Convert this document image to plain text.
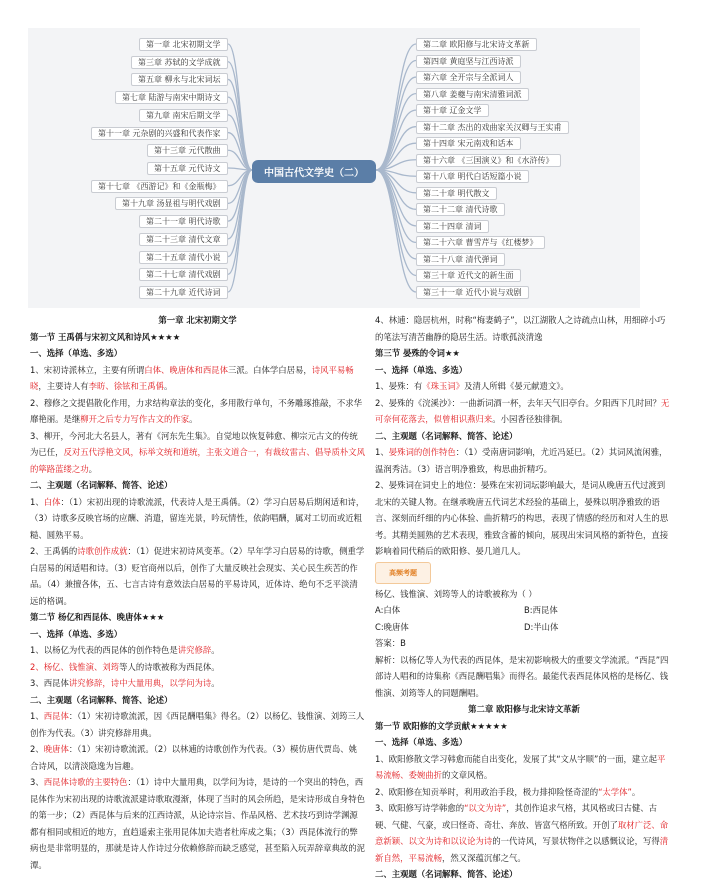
中国古代文学史（二）
第一章 北宋初期文学
第三章 苏轼的文学成就
第五章 柳永与北宋词坛
第七章 陆游与南宋中期诗文
第九章 南宋后期文学
第十一章 元杂剧的兴盛和代表作家
第十三章 元代散曲
第十五章 元代诗文
第十七章 《西游记》和《金瓶梅》
第十九章 汤显祖与明代戏剧
第二十一章 明代诗歌
第二十三章 清代文章
第二十五章 清代小说
第二十七章 清代戏剧
第二十九章 近代诗词
第二章 欧阳修与北宋诗文革新
第四章 黄庭坚与江西诗派
第六章 全开宗与全派词人
第八章 姜夔与南宋清雅词派
第十章 辽金文学
第十二章 杰出的戏曲家关汉卿与王实甫
第十四章 宋元南戏和话本
第十六章 《三国演义》和《水浒传》
第十八章 明代白话短篇小说
第二十章 明代散文
第二十二章 清代诗歌
第二十四章 清词
第二十六章 曹雪芹与《红楼梦》
第二十八章 清代弹词
第三十章 近代文的新生面
第三十一章 近代小说与戏剧

第一章 北宋初期文学

第一节 王禹偁与宋初文风和诗风★★★★

一、选择（单选、多选）

1、宋初诗派林立，主要有所谓白体、晚唐体和西昆体三派。白体学白居易，诗风平易畅晓，主要诗人有李昉、徐铉和王禹偁。

2、穆修之文提倡散化作用，力求结构章法的变化，多用散行单句，不务雕琢推敲，不求华靡艳丽。是继柳开之后专力写作古文的作家。

3、柳开，今河北大名县人，著有《河东先生集》。自觉地以恢复韩愈、柳宗元古文的传统为已任，反对五代浮艳文风，标举文统和道统，主张文道合一，有裁纹雷古、倡导质朴文风的筚路蓝缕之功。

二、主观题（名词解释、简答、论述）

1、白体：（1）宋初出现的诗歌流派，代表诗人是王禹偁。（2）学习白居易后期闲适和诗，（3）诗歌多反映官场的应酬、消遣，留连光景，吟玩情性，依韵唱酬，属对工切而或近粗糙、圆熟平易。

2、王禹偁的诗歌创作成就：（1）促进宋初诗风变革。（2）早年学习白居易的诗歌，侧重学白居易的闲适唱和诗。（3）贬官商州以后，创作了大量反映社会现实、关心民生疾苦的作品。（4）兼擅各体，五、七言古诗有意效法白居易的平易诗风，近体诗、绝句不乏平淡清远的格调。

第二节 杨亿和西昆体、晚唐体★★★

一、选择（单选、多选）

1、以杨亿为代表的西昆体的创作特色是讲究修辞。

2、杨亿、钱惟演、刘筠等人的诗歌被称为西昆体。

3、西昆体讲究修辞，诗中大量用典，以学问为诗。

二、主观题（名词解释、简答、论述）

1、西昆体：（1）宋初诗歌流派，因《西昆酬唱集》得名。（2）以杨亿、钱惟演、刘筠三人创作为代表。（3）讲究修辞用典。

2、晚唐体：（1）宋初诗歌流派。（2）以林逋的诗歌创作为代表。（3）模仿唐代贾岛、姚合诗风，以清淡隐逸为旨趣。

3、西昆体诗歌的主要特色：（1）诗中大量用典，以学问为诗，是诗的一个突出的特色，西昆体作为宋初出现的诗歌流派建诗歌取漫渐，体现了当时的风会所趋，是宋诗形成自身特色的第一步；（2）西昆体与后来的江西诗派，从论诗宗旨、作品风格、艺术技巧到诗学渊源都有相同或相近的地方，直趋遥索主张用昆体加夫造者杜库成之集；（3）西昆体流行的弊病也是非常明显的，那就是诗人作诗过分依赖修辞而缺乏感觉，甚至陷入玩弄辞章典故的泥潭。

4、林逋：隐居杭州，时称“梅妻鹤子”，以江湖散人之诗疏点山林，用细碎小巧的笔法写清苦幽静的隐居生活。诗歌孤淡清逸

第三节 晏殊的令词★★

一、选择（单选、多选）

1、晏殊：有《珠玉词》及清人所辑《晏元献遗文》。

2、晏殊的《浣溪沙》：一曲新词酒一杯，去年天气旧亭台。夕阳西下几时回？无可奈何花落去，似曾相识燕归来。小园香径独徘徊。

二、主观题（名词解释、简答、论述）

1、晏殊词的创作特色：（1）受南唐词影响，尤近冯延巳。（2）其词风流闲雅，温润秀洁。（3）语言明净雅致，构思曲折精巧。

2、晏殊词在词史上的地位：晏殊在宋初词坛影响最大，是词从晚唐五代过渡到北宋的关键人物。在继承晚唐五代词艺术经验的基础上，晏殊以明净雅致的语言、深刻而纤细的内心体验、曲折精巧的构思，表现了情感的经历和对人生的思考。其精美圆熟的艺术表现，雅致含蓄的倾向，展现出宋词风格的新特色，直接影响着同代稍后的欧阳修、晏几道几人。

高频考题

杨亿、钱惟演、刘筠等人的诗歌被称为（ ）

A:白体	B:西昆体
C:晚唐体	D:半山体

答案：B

解析：以杨亿等人为代表的西昆体，是宋初影响极大的重要文学流派。“西昆”四部诗人唱和的诗集称《西昆酬唱集》而得名。最能代表西昆体风格的是杨亿、钱惟演、刘筠等人的同题酬唱。

第二章 欧阳修与北宋诗文革新

第一节 欧阳修的文学贡献★★★★★

一、选择（单选、多选）

1、欧阳修散文学习韩愈而能自出变化，发展了其“文从字顺”的一面，建立起平易流畅、委婉曲折的文章风格。

2、欧阳修在知贡举时，利用政治手段，极力排抑险怪奇涩的“太学体”。

3、欧阳修写诗学韩愈的“以文为诗”，其创作追求气格，其风格或曰古健、古硬、气健、气豪，或曰怪奇、奇壮、奔放、皆富气格所致。开创了取材广泛、命意新颖、以文为诗和以议论为诗的一代诗风，写景状物伴之以感慨议论，写得清新自然，平易流畅，然又深蕴沉郁之气。

二、主观题（名词解释、简答、论述）
